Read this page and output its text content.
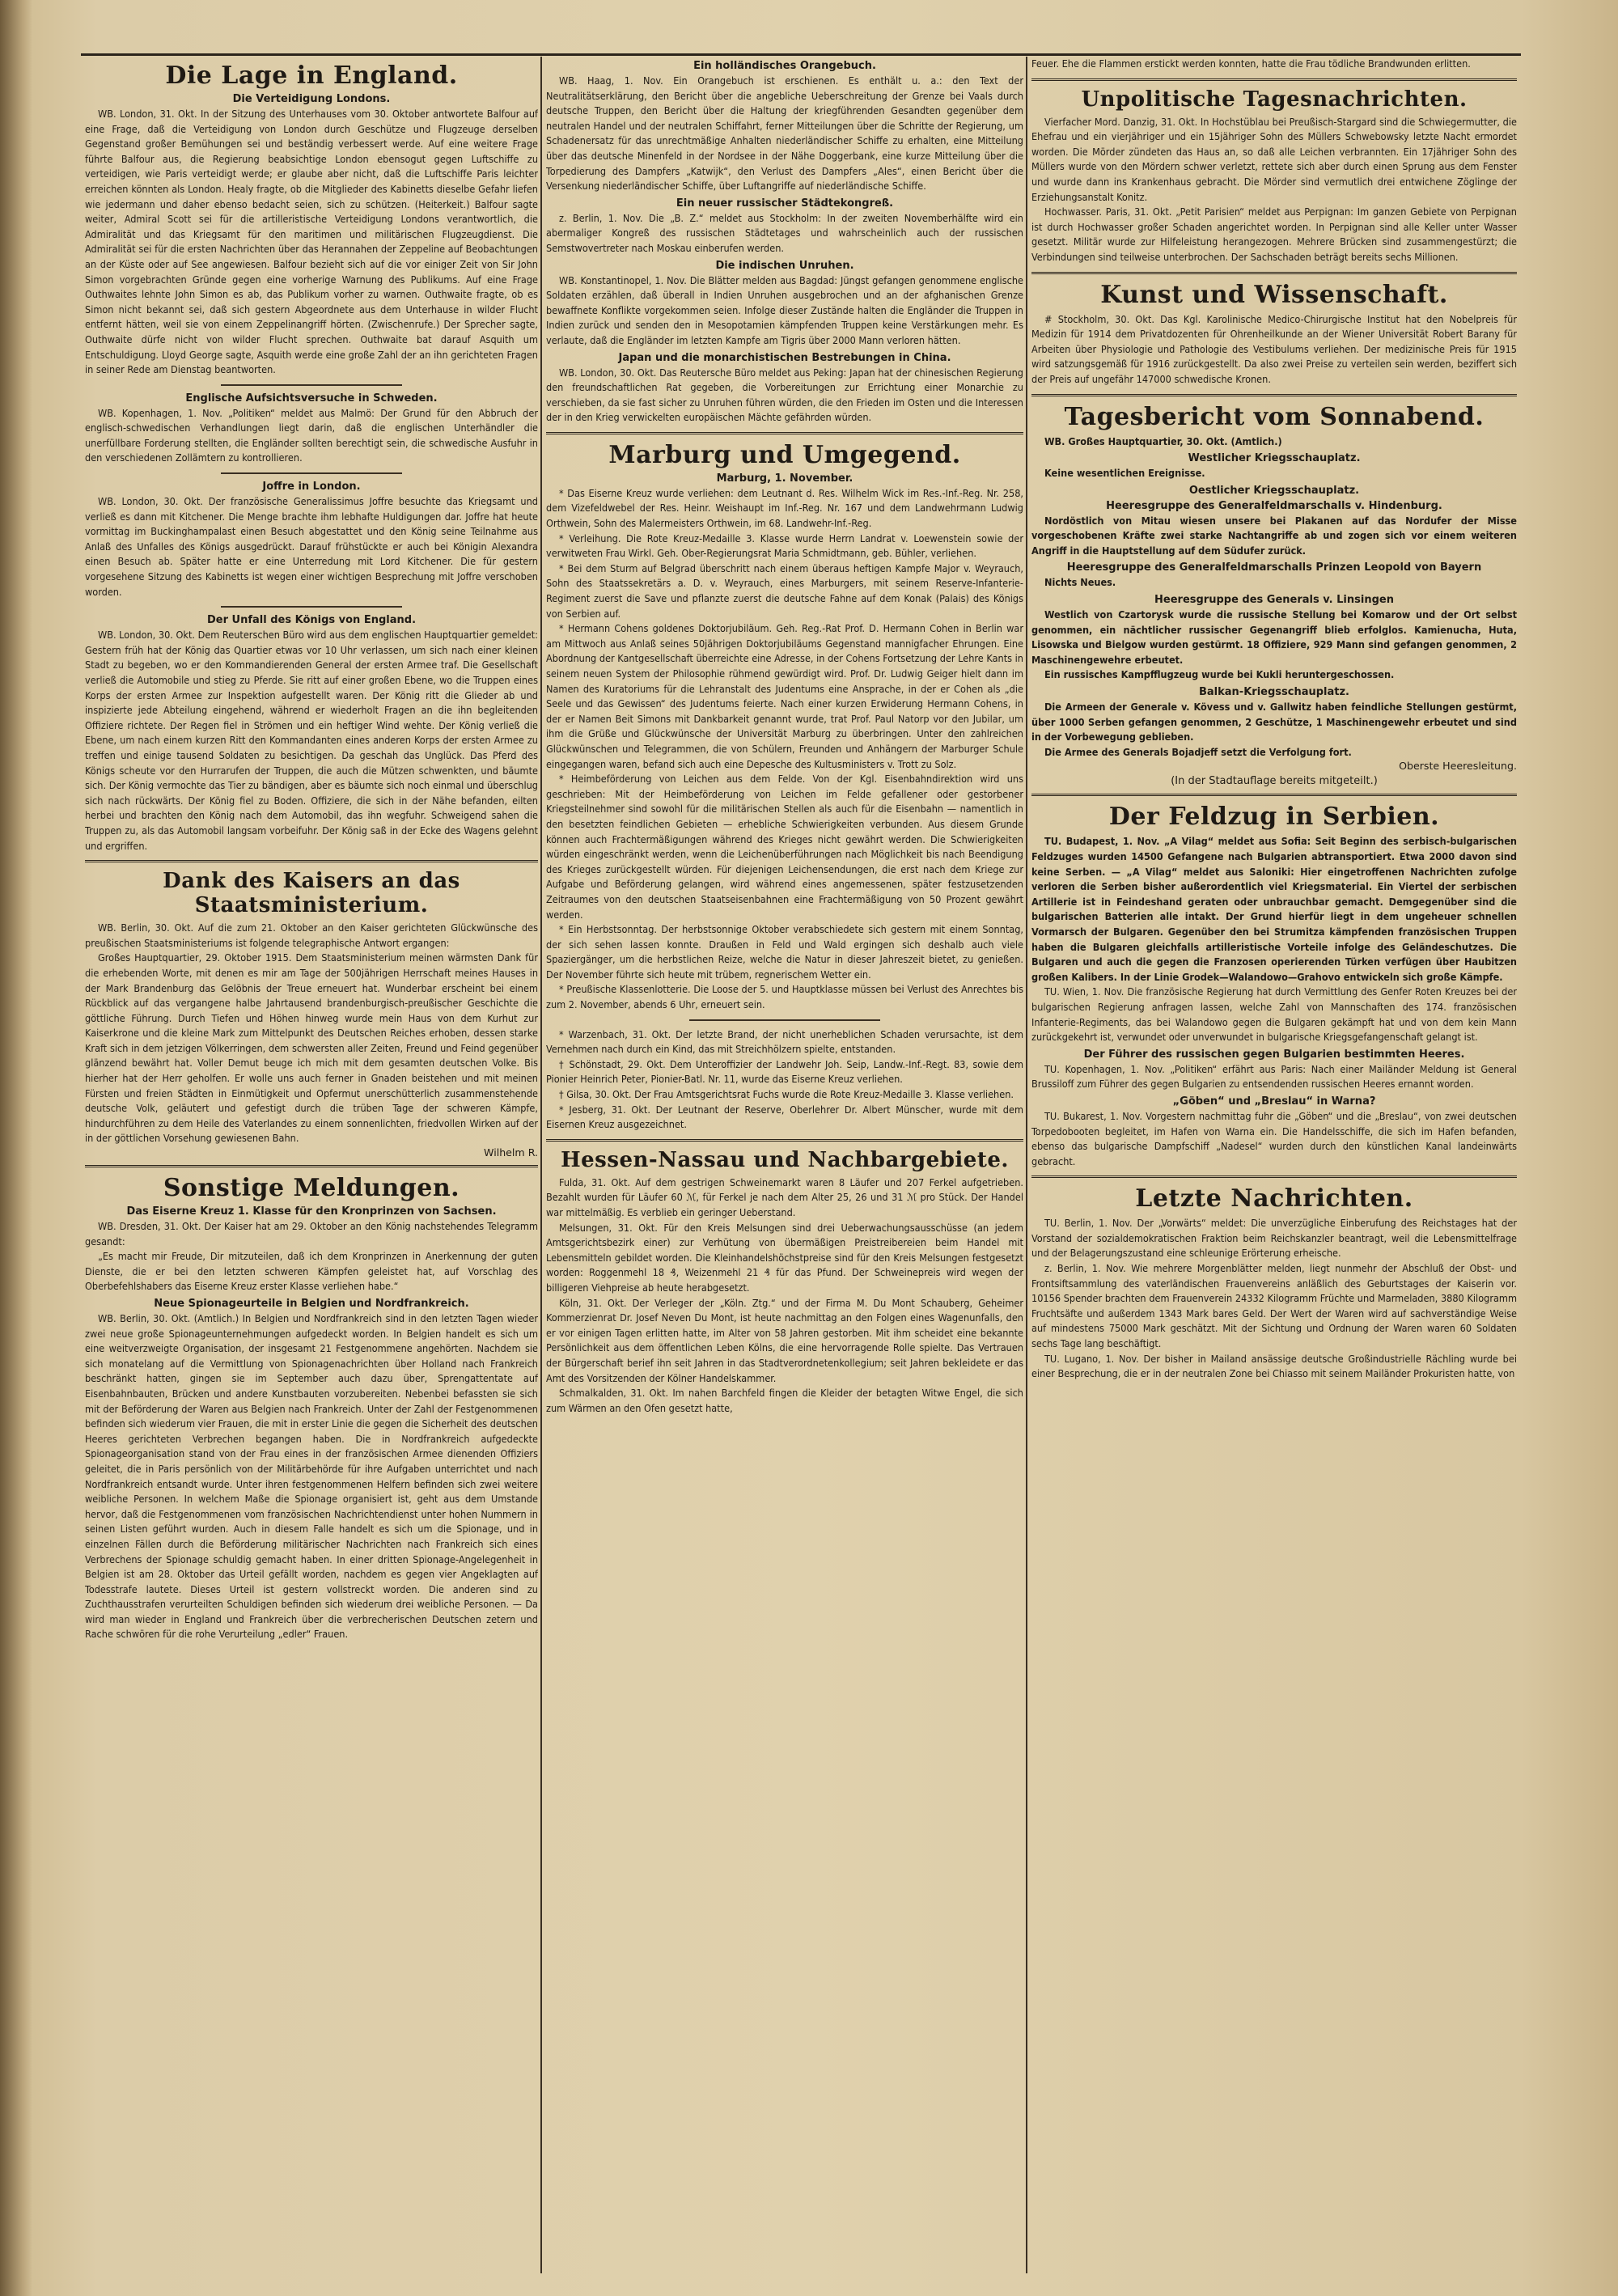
Die Lage in England.
Die Verteidigung Londons.

WB. London, 31. Okt. In der Sitzung des Unterhauses vom 30. Oktober antwortete Balfour auf eine Frage, daß die Verteidigung von London durch Geschütze und Flugzeuge derselben Gegenstand großer Bemühungen sei und beständig verbessert werde. Auf eine weitere Frage führte Balfour aus, die Regierung beabsichtige London ebensogut gegen Luftschiffe zu verteidigen, wie Paris verteidigt werde; er glaube aber nicht, daß die Luftschiffe Paris leichter erreichen könnten als London. Healy fragte, ob die Mitglieder des Kabinetts dieselbe Gefahr liefen wie jedermann und daher ebenso bedacht seien, sich zu schützen. (Heiterkeit.) Balfour sagte weiter, Admiral Scott sei für die artilleristische Verteidigung Londons verantwortlich, die Admiralität und das Kriegsamt für den maritimen und militärischen Flugzeugdienst. Die Admiralität sei für die ersten Nachrichten über das Herannahen der Zeppeline auf Beobachtungen an der Küste oder auf See angewiesen. Balfour bezieht sich auf die vor einiger Zeit von Sir John Simon vorgebrachten Gründe gegen eine vorherige Warnung des Publikums. Auf eine Frage Outhwaites lehnte John Simon es ab, das Publikum vorher zu warnen. Outhwaite fragte, ob es Simon nicht bekannt sei, daß sich gestern Abgeordnete aus dem Unterhause in wilder Flucht entfernt hätten, weil sie von einem Zeppelinangriff hörten. (Zwischenrufe.) Der Sprecher sagte, Outhwaite dürfe nicht von wilder Flucht sprechen. Outhwaite bat darauf Asquith um Entschuldigung. Lloyd George sagte, Asquith werde eine große Zahl der an ihn gerichteten Fragen in seiner Rede am Dienstag beantworten.

Englische Aufsichtsversuche in Schweden.

WB. Kopenhagen, 1. Nov. „Politiken“ meldet aus Malmö: Der Grund für den Abbruch der englisch-schwedischen Verhandlungen liegt darin, daß die englischen Unterhändler die unerfüllbare Forderung stellten, die Engländer sollten berechtigt sein, die schwedische Ausfuhr in den verschiedenen Zollämtern zu kontrollieren.

Joffre in London.

WB. London, 30. Okt. Der französische Generalissimus Joffre besuchte das Kriegsamt und verließ es dann mit Kitchener. Die Menge brachte ihm lebhafte Huldigungen dar. Joffre hat heute vormittag im Buckinghampalast einen Besuch abgestattet und den König seine Teilnahme aus Anlaß des Unfalles des Königs ausgedrückt. Darauf frühstückte er auch bei Königin Alexandra einen Besuch ab. Später hatte er eine Unterredung mit Lord Kitchener. Die für gestern vorgesehene Sitzung des Kabinetts ist wegen einer wichtigen Besprechung mit Joffre verschoben worden.

Der Unfall des Königs von England.

WB. London, 30. Okt. Dem Reuterschen Büro wird aus dem englischen Hauptquartier gemeldet: Gestern früh hat der König das Quartier etwas vor 10 Uhr verlassen, um sich nach einer kleinen Stadt zu begeben, wo er den Kommandierenden General der ersten Armee traf. Die Gesellschaft verließ die Automobile und stieg zu Pferde. Sie ritt auf einer großen Ebene, wo die Truppen eines Korps der ersten Armee zur Inspektion aufgestellt waren. Der König ritt die Glieder ab und inspizierte jede Abteilung eingehend, während er wiederholt Fragen an die ihn begleitenden Offiziere richtete. Der Regen fiel in Strömen und ein heftiger Wind wehte. Der König verließ die Ebene, um nach einem kurzen Ritt den Kommandanten eines anderen Korps der ersten Armee zu treffen und einige tausend Soldaten zu besichtigen. Da geschah das Unglück. Das Pferd des Königs scheute vor den Hurrarufen der Truppen, die auch die Mützen schwenkten, und bäumte sich. Der König vermochte das Tier zu bändigen, aber es bäumte sich noch einmal und überschlug sich nach rückwärts. Der König fiel zu Boden. Offiziere, die sich in der Nähe befanden, eilten herbei und brachten den König nach dem Automobil, das ihn wegfuhr. Schweigend sahen die Truppen zu, als das Automobil langsam vorbeifuhr. Der König saß in der Ecke des Wagens gelehnt und ergriffen.

Dank des Kaisers an das Staatsministerium.

WB. Berlin, 30. Okt. Auf die zum 21. Oktober an den Kaiser gerichteten Glückwünsche des preußischen Staatsministeriums ist folgende telegraphische Antwort ergangen:

Großes Hauptquartier, 29. Oktober 1915. Dem Staatsministerium meinen wärmsten Dank für die erhebenden Worte, mit denen es mir am Tage der 500jährigen Herrschaft meines Hauses in der Mark Brandenburg das Gelöbnis der Treue erneuert hat. Wunderbar erscheint bei einem Rückblick auf das vergangene halbe Jahrtausend brandenburgisch-preußischer Geschichte die göttliche Führung. Durch Tiefen und Höhen hinweg wurde mein Haus von dem Kurhut zur Kaiserkrone und die kleine Mark zum Mittelpunkt des Deutschen Reiches erhoben, dessen starke Kraft sich in dem jetzigen Völkerringen, dem schwersten aller Zeiten, Freund und Feind gegenüber glänzend bewährt hat. Voller Demut beuge ich mich mit dem gesamten deutschen Volke. Bis hierher hat der Herr geholfen. Er wolle uns auch ferner in Gnaden beistehen und mit meinen Fürsten und freien Städten in Einmütigkeit und Opfermut unerschütterlich zusammenstehende deutsche Volk, geläutert und gefestigt durch die trüben Tage der schweren Kämpfe, hindurchführen zu dem Heile des Vaterlandes zu einem sonnenlichten, friedvollen Wirken auf der in der göttlichen Vorsehung gewiesenen Bahn.

Wilhelm R.

Sonstige Meldungen.
Das Eiserne Kreuz 1. Klasse für den Kronprinzen von Sachsen.

WB. Dresden, 31. Okt. Der Kaiser hat am 29. Oktober an den König nachstehendes Telegramm gesandt:

„Es macht mir Freude, Dir mitzuteilen, daß ich dem Kronprinzen in Anerkennung der guten Dienste, die er bei den letzten schweren Kämpfen geleistet hat, auf Vorschlag des Oberbefehlshabers das Eiserne Kreuz erster Klasse verliehen habe.“

Neue Spionageurteile in Belgien und Nordfrankreich.

WB. Berlin, 30. Okt. (Amtlich.) In Belgien und Nordfrankreich sind in den letzten Tagen wieder zwei neue große Spionageunternehmungen aufgedeckt worden. In Belgien handelt es sich um eine weitverzweigte Organisation, der insgesamt 21 Festgenommene angehörten. Nachdem sie sich monatelang auf die Vermittlung von Spionagenachrichten über Holland nach Frankreich beschränkt hatten, gingen sie im September auch dazu über, Sprengattentate auf Eisenbahnbauten, Brücken und andere Kunstbauten vorzubereiten. Nebenbei befassten sie sich mit der Beförderung der Waren aus Belgien nach Frankreich. Unter der Zahl der Festgenommenen befinden sich wiederum vier Frauen, die mit in erster Linie die gegen die Sicherheit des deutschen Heeres gerichteten Verbrechen begangen haben. Die in Nordfrankreich aufgedeckte Spionageorganisation stand von der Frau eines in der französischen Armee dienenden Offiziers geleitet, die in Paris persönlich von der Militärbehörde für ihre Aufgaben unterrichtet und nach Nordfrankreich entsandt wurde. Unter ihren festgenommenen Helfern befinden sich zwei weitere weibliche Personen. In welchem Maße die Spionage organisiert ist, geht aus dem Umstande hervor, daß die Festgenommenen vom französischen Nachrichtendienst unter hohen Nummern in seinen Listen geführt wurden. Auch in diesem Falle handelt es sich um die Spionage, und in einzelnen Fällen durch die Beförderung militärischer Nachrichten nach Frankreich sich eines Verbrechens der Spionage schuldig gemacht haben. In einer dritten Spionage-Angelegenheit in Belgien ist am 28. Oktober das Urteil gefällt worden, nachdem es gegen vier Angeklagten auf Todesstrafe lautete. Dieses Urteil ist gestern vollstreckt worden. Die anderen sind zu Zuchthausstrafen verurteilten Schuldigen befinden sich wiederum drei weibliche Personen. — Da wird man wieder in England und Frankreich über die verbrecherischen Deutschen zetern und Rache schwören für die rohe Verurteilung „edler“ Frauen.

Ein holländisches Orangebuch.

WB. Haag, 1. Nov. Ein Orangebuch ist erschienen. Es enthält u. a.: den Text der Neutralitätserklärung, den Bericht über die angebliche Ueberschreitung der Grenze bei Vaals durch deutsche Truppen, den Bericht über die Haltung der kriegführenden Gesandten gegenüber dem neutralen Handel und der neutralen Schiffahrt, ferner Mitteilungen über die Schritte der Regierung, um Schadenersatz für das unrechtmäßige Anhalten niederländischer Schiffe zu erhalten, eine Mitteilung über das deutsche Minenfeld in der Nordsee in der Nähe Doggerbank, eine kurze Mitteilung über die Torpedierung des Dampfers „Katwijk“, den Verlust des Dampfers „Ales“, einen Bericht über die Versenkung niederländischer Schiffe, über Luftangriffe auf niederländische Schiffe.

Ein neuer russischer Städtekongreß.

z. Berlin, 1. Nov. Die „B. Z.“ meldet aus Stockholm: In der zweiten Novemberhälfte wird ein abermaliger Kongreß des russischen Städtetages und wahrscheinlich auch der russischen Semstwovertreter nach Moskau einberufen werden.

Die indischen Unruhen.

WB. Konstantinopel, 1. Nov. Die Blätter melden aus Bagdad: Jüngst gefangen genommene englische Soldaten erzählen, daß überall in Indien Unruhen ausgebrochen und an der afghanischen Grenze bewaffnete Konflikte vorgekommen seien. Infolge dieser Zustände halten die Engländer die Truppen in Indien zurück und senden den in Mesopotamien kämpfenden Truppen keine Verstärkungen mehr. Es verlaute, daß die Engländer im letzten Kampfe am Tigris über 2000 Mann verloren hätten.

Japan und die monarchistischen Bestrebungen in China.

WB. London, 30. Okt. Das Reutersche Büro meldet aus Peking: Japan hat der chinesischen Regierung den freundschaftlichen Rat gegeben, die Vorbereitungen zur Errichtung einer Monarchie zu verschieben, da sie fast sicher zu Unruhen führen würden, die den Frieden im Osten und die Interessen der in den Krieg verwickelten europäischen Mächte gefährden würden.

Marburg und Umgegend.
Marburg, 1. November.

* Das Eiserne Kreuz wurde verliehen: dem Leutnant d. Res. Wilhelm Wick im Res.-Inf.-Reg. Nr. 258, dem Vizefeldwebel der Res. Heinr. Weishaupt im Inf.-Reg. Nr. 167 und dem Landwehrmann Ludwig Orthwein, Sohn des Malermeisters Orthwein, im 68. Landwehr-Inf.-Reg.

* Verleihung. Die Rote Kreuz-Medaille 3. Klasse wurde Herrn Landrat v. Loewenstein sowie der verwitweten Frau Wirkl. Geh. Ober-Regierungsrat Maria Schmidtmann, geb. Bühler, verliehen.

* Bei dem Sturm auf Belgrad überschritt nach einem überaus heftigen Kampfe Major v. Weyrauch, Sohn des Staatssekretärs a. D. v. Weyrauch, eines Marburgers, mit seinem Reserve-Infanterie-Regiment zuerst die Save und pflanzte zuerst die deutsche Fahne auf dem Konak (Palais) des Königs von Serbien auf.

* Hermann Cohens goldenes Doktorjubiläum. Geh. Reg.-Rat Prof. D. Hermann Cohen in Berlin war am Mittwoch aus Anlaß seines 50jährigen Doktorjubiläums Gegenstand mannigfacher Ehrungen. Eine Abordnung der Kantgesellschaft überreichte eine Adresse, in der Cohens Fortsetzung der Lehre Kants in seinem neuen System der Philosophie rühmend gewürdigt wird. Prof. Dr. Ludwig Geiger hielt dann im Namen des Kuratoriums für die Lehranstalt des Judentums eine Ansprache, in der er Cohen als „die Seele und das Gewissen“ des Judentums feierte. Nach einer kurzen Erwiderung Hermann Cohens, in der er Namen Beit Simons mit Dankbarkeit genannt wurde, trat Prof. Paul Natorp vor den Jubilar, um ihm die Grüße und Glückwünsche der Universität Marburg zu überbringen. Unter den zahlreichen Glückwünschen und Telegrammen, die von Schülern, Freunden und Anhängern der Marburger Schule eingegangen waren, befand sich auch eine Depesche des Kultusministers v. Trott zu Solz.

* Heimbeförderung von Leichen aus dem Felde. Von der Kgl. Eisenbahndirektion wird uns geschrieben: Mit der Heimbeförderung von Leichen im Felde gefallener oder gestorbener Kriegsteilnehmer sind sowohl für die militärischen Stellen als auch für die Eisenbahn — namentlich in den besetzten feindlichen Gebieten — erhebliche Schwierigkeiten verbunden. Aus diesem Grunde können auch Frachtermäßigungen während des Krieges nicht gewährt werden. Die Schwierigkeiten würden eingeschränkt werden, wenn die Leichenüberführungen nach Möglichkeit bis nach Beendigung des Krieges zurückgestellt würden. Für diejenigen Leichensendungen, die erst nach dem Kriege zur Aufgabe und Beförderung gelangen, wird während eines angemessenen, später festzusetzenden Zeitraumes von den deutschen Staatseisenbahnen eine Frachtermäßigung von 50 Prozent gewährt werden.

* Ein Herbstsonntag. Der herbstsonnige Oktober verabschiedete sich gestern mit einem Sonntag, der sich sehen lassen konnte. Draußen in Feld und Wald ergingen sich deshalb auch viele Spaziergänger, um die herbstlichen Reize, welche die Natur in dieser Jahreszeit bietet, zu genießen. Der November führte sich heute mit trübem, regnerischem Wetter ein.

* Preußische Klassenlotterie. Die Loose der 5. und Hauptklasse müssen bei Verlust des Anrechtes bis zum 2. November, abends 6 Uhr, erneuert sein.

* Warzenbach, 31. Okt. Der letzte Brand, der nicht unerheblichen Schaden verursachte, ist dem Vernehmen nach durch ein Kind, das mit Streichhölzern spielte, entstanden.

† Schönstadt, 29. Okt. Dem Unteroffizier der Landwehr Joh. Seip, Landw.-Inf.-Regt. 83, sowie dem Pionier Heinrich Peter, Pionier-Batl. Nr. 11, wurde das Eiserne Kreuz verliehen.

† Gilsa, 30. Okt. Der Frau Amtsgerichtsrat Fuchs wurde die Rote Kreuz-Medaille 3. Klasse verliehen.

* Jesberg, 31. Okt. Der Leutnant der Reserve, Oberlehrer Dr. Albert Münscher, wurde mit dem Eisernen Kreuz ausgezeichnet.

Hessen-Nassau und Nachbargebiete.

Fulda, 31. Okt. Auf dem gestrigen Schweinemarkt waren 8 Läufer und 207 Ferkel aufgetrieben. Bezahlt wurden für Läufer 60 ℳ, für Ferkel je nach dem Alter 25, 26 und 31 ℳ pro Stück. Der Handel war mittelmäßig. Es verblieb ein geringer Ueberstand.

Melsungen, 31. Okt. Für den Kreis Melsungen sind drei Ueberwachungsausschüsse (an jedem Amtsgerichtsbezirk einer) zur Verhütung von übermäßigen Preistreibereien beim Handel mit Lebensmitteln gebildet worden. Die Kleinhandelshöchstpreise sind für den Kreis Melsungen festgesetzt worden: Roggenmehl 18 ₰, Weizenmehl 21 ₰ für das Pfund. Der Schweinepreis wird wegen der billigeren Viehpreise ab heute herabgesetzt.

Köln, 31. Okt. Der Verleger der „Köln. Ztg.“ und der Firma M. Du Mont Schauberg, Geheimer Kommerzienrat Dr. Josef Neven Du Mont, ist heute nachmittag an den Folgen eines Wagenunfalls, den er vor einigen Tagen erlitten hatte, im Alter von 58 Jahren gestorben. Mit ihm scheidet eine bekannte Persönlichkeit aus dem öffentlichen Leben Kölns, die eine hervorragende Rolle spielte. Das Vertrauen der Bürgerschaft berief ihn seit Jahren in das Stadtverordnetenkollegium; seit Jahren bekleidete er das Amt des Vorsitzenden der Kölner Handelskammer.

Schmalkalden, 31. Okt. Im nahen Barchfeld fingen die Kleider der betagten Witwe Engel, die sich zum Wärmen an den Ofen gesetzt hatte,

Feuer. Ehe die Flammen erstickt werden konnten, hatte die Frau tödliche Brandwunden erlitten.

Unpolitische Tagesnachrichten.

Vierfacher Mord. Danzig, 31. Okt. In Hochstüblau bei Preußisch-Stargard sind die Schwiegermutter, die Ehefrau und ein vierjähriger und ein 15jähriger Sohn des Müllers Schwebowsky letzte Nacht ermordet worden. Die Mörder zündeten das Haus an, so daß alle Leichen verbrannten. Ein 17jähriger Sohn des Müllers wurde von den Mördern schwer verletzt, rettete sich aber durch einen Sprung aus dem Fenster und wurde dann ins Krankenhaus gebracht. Die Mörder sind vermutlich drei entwichene Zöglinge der Erziehungsanstalt Konitz.

Hochwasser. Paris, 31. Okt. „Petit Parisien“ meldet aus Perpignan: Im ganzen Gebiete von Perpignan ist durch Hochwasser großer Schaden angerichtet worden. In Perpignan sind alle Keller unter Wasser gesetzt. Militär wurde zur Hilfeleistung herangezogen. Mehrere Brücken sind zusammengestürzt; die Verbindungen sind teilweise unterbrochen. Der Sachschaden beträgt bereits sechs Millionen.

Kunst und Wissenschaft.

# Stockholm, 30. Okt. Das Kgl. Karolinische Medico-Chirurgische Institut hat den Nobelpreis für Medizin für 1914 dem Privatdozenten für Ohrenheilkunde an der Wiener Universität Robert Barany für Arbeiten über Physiologie und Pathologie des Vestibulums verliehen. Der medizinische Preis für 1915 wird satzungsgemäß für 1916 zurückgestellt. Da also zwei Preise zu verteilen sein werden, beziffert sich der Preis auf ungefähr 147000 schwedische Kronen.

Tagesbericht vom Sonnabend.

WB. Großes Hauptquartier, 30. Okt. (Amtlich.)

Westlicher Kriegsschauplatz.

Keine wesentlichen Ereignisse.

Oestlicher Kriegsschauplatz.
Heeresgruppe des Generalfeldmarschalls v. Hindenburg.

Nordöstlich von Mitau wiesen unsere bei Plakanen auf das Nordufer der Misse vorgeschobenen Kräfte zwei starke Nachtangriffe ab und zogen sich vor einem weiteren Angriff in die Hauptstellung auf dem Südufer zurück.

Heeresgruppe des Generalfeldmarschalls Prinzen Leopold von Bayern

Nichts Neues.

Heeresgruppe des Generals v. Linsingen

Westlich von Czartorysk wurde die russische Stellung bei Komarow und der Ort selbst genommen, ein nächtlicher russischer Gegenangriff blieb erfolglos. Kamienucha, Huta, Lisowska und Bielgow wurden gestürmt. 18 Offiziere, 929 Mann sind gefangen genommen, 2 Maschinengewehre erbeutet.

Ein russisches Kampfflugzeug wurde bei Kukli heruntergeschossen.

Balkan-Kriegsschauplatz.

Die Armeen der Generale v. Kövess und v. Gallwitz haben feindliche Stellungen gestürmt, über 1000 Serben gefangen genommen, 2 Geschütze, 1 Maschinengewehr erbeutet und sind in der Vorbewegung geblieben.

Die Armee des Generals Bojadjeff setzt die Verfolgung fort.

Oberste Heeresleitung.

(In der Stadtauflage bereits mitgeteilt.)
Der Feldzug in Serbien.

TU. Budapest, 1. Nov. „A Vilag“ meldet aus Sofia: Seit Beginn des serbisch-bulgarischen Feldzuges wurden 14500 Gefangene nach Bulgarien abtransportiert. Etwa 2000 davon sind keine Serben. — „A Vilag“ meldet aus Saloniki: Hier eingetroffenen Nachrichten zufolge verloren die Serben bisher außerordentlich viel Kriegsmaterial. Ein Viertel der serbischen Artillerie ist in Feindeshand geraten oder unbrauchbar gemacht. Demgegenüber sind die bulgarischen Batterien alle intakt. Der Grund hierfür liegt in dem ungeheuer schnellen Vormarsch der Bulgaren. Gegenüber den bei Strumitza kämpfenden französischen Truppen haben die Bulgaren gleichfalls artilleristische Vorteile infolge des Geländeschutzes. Die Bulgaren und auch die gegen die Franzosen operierenden Türken verfügen über Haubitzen großen Kalibers. In der Linie Grodek—Walandowo—Grahovo entwickeln sich große Kämpfe.

TU. Wien, 1. Nov. Die französische Regierung hat durch Vermittlung des Genfer Roten Kreuzes bei der bulgarischen Regierung anfragen lassen, welche Zahl von Mannschaften des 174. französischen Infanterie-Regiments, das bei Walandowo gegen die Bulgaren gekämpft hat und von dem kein Mann zurückgekehrt ist, verwundet oder unverwundet in bulgarische Kriegsgefangenschaft gelangt ist.

Der Führer des russischen gegen Bulgarien bestimmten Heeres.

TU. Kopenhagen, 1. Nov. „Politiken“ erfährt aus Paris: Nach einer Mailänder Meldung ist General Brussiloff zum Führer des gegen Bulgarien zu entsendenden russischen Heeres ernannt worden.

„Göben“ und „Breslau“ in Warna?

TU. Bukarest, 1. Nov. Vorgestern nachmittag fuhr die „Göben“ und die „Breslau“, von zwei deutschen Torpedobooten begleitet, im Hafen von Warna ein. Die Handelsschiffe, die sich im Hafen befanden, ebenso das bulgarische Dampfschiff „Nadesel“ wurden durch den künstlichen Kanal landeinwärts gebracht.

Letzte Nachrichten.

TU. Berlin, 1. Nov. Der „Vorwärts“ meldet: Die unverzügliche Einberufung des Reichstages hat der Vorstand der sozialdemokratischen Fraktion beim Reichskanzler beantragt, weil die Lebensmittelfrage und der Belagerungszustand eine schleunige Erörterung erheische.

z. Berlin, 1. Nov. Wie mehrere Morgenblätter melden, liegt nunmehr der Abschluß der Obst- und Frontsiftsammlung des vaterländischen Frauenvereins anläßlich des Geburtstages der Kaiserin vor. 10156 Spender brachten dem Frauenverein 24332 Kilogramm Früchte und Marmeladen, 3880 Kilogramm Fruchtsäfte und außerdem 1343 Mark bares Geld. Der Wert der Waren wird auf sachverständige Weise auf mindestens 75000 Mark geschätzt. Mit der Sichtung und Ordnung der Waren waren 60 Soldaten sechs Tage lang beschäftigt.

TU. Lugano, 1. Nov. Der bisher in Mailand ansässige deutsche Großindustrielle Rächling wurde bei einer Besprechung, die er in der neutralen Zone bei Chiasso mit seinem Mailänder Prokuristen hatte, von
